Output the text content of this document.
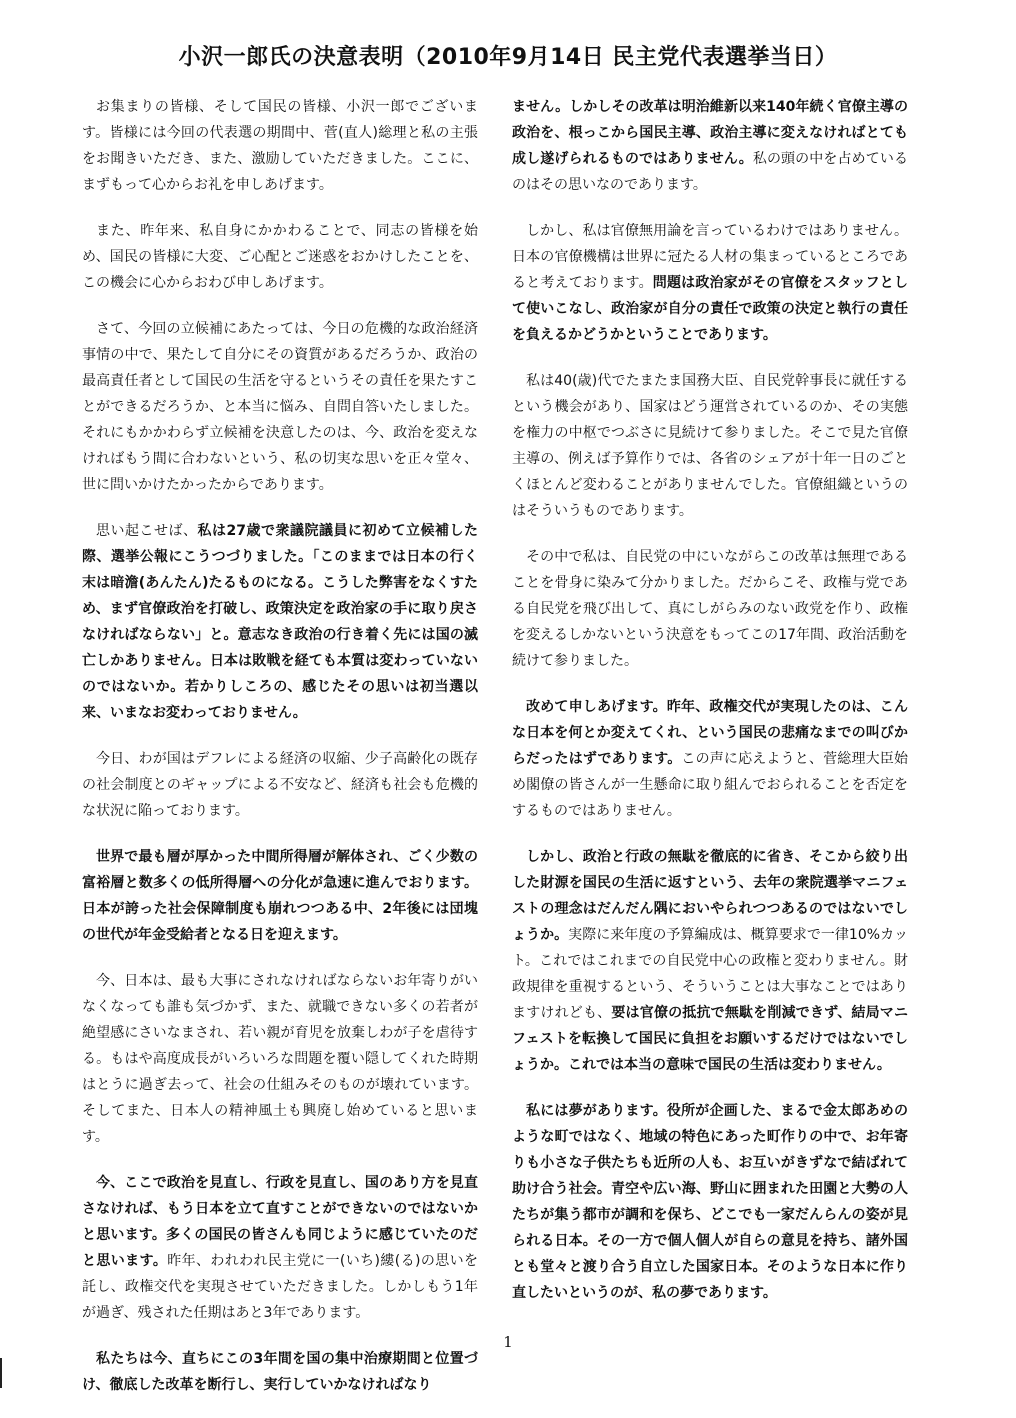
小沢一郎氏の決意表明（2010年9月14日 民主党代表選挙当日）

お集まりの皆様、そして国民の皆様、小沢一郎でございます。皆様には今回の代表選の期間中、菅(直人)総理と私の主張をお聞きいただき、また、激励していただきました。ここに、まずもって心からお礼を申しあげます。

また、昨年来、私自身にかかわることで、同志の皆様を始め、国民の皆様に大変、ご心配とご迷惑をおかけしたことを、この機会に心からおわび申しあげます。

さて、今回の立候補にあたっては、今日の危機的な政治経済事情の中で、果たして自分にその資質があるだろうか、政治の最高責任者として国民の生活を守るというその責任を果たすことができるだろうか、と本当に悩み、自問自答いたしました。それにもかかわらず立候補を決意したのは、今、政治を変えなければもう間に合わないという、私の切実な思いを正々堂々、世に問いかけたかったからであります。

思い起こせば、私は27歳で衆議院議員に初めて立候補した際、選挙公報にこうつづりました。「このままでは日本の行く末は暗澹(あんたん)たるものになる。こうした弊害をなくすため、まず官僚政治を打破し、政策決定を政治家の手に取り戻さなければならない」と。意志なき政治の行き着く先には国の滅亡しかありません。日本は敗戦を経ても本質は変わっていないのではないか。若かりしころの、感じたその思いは初当選以来、いまなお変わっておりません。

今日、わが国はデフレによる経済の収縮、少子高齢化の既存の社会制度とのギャップによる不安など、経済も社会も危機的な状況に陥っております。

世界で最も層が厚かった中間所得層が解体され、ごく少数の富裕層と数多くの低所得層への分化が急速に進んでおります。日本が誇った社会保障制度も崩れつつある中、2年後には団塊の世代が年金受給者となる日を迎えます。

今、日本は、最も大事にされなければならないお年寄りがいなくなっても誰も気づかず、また、就職できない多くの若者が絶望感にさいなまされ、若い親が育児を放棄しわが子を虐待する。もはや高度成長がいろいろな問題を覆い隠してくれた時期はとうに過ぎ去って、社会の仕組みそのものが壊れています。そしてまた、日本人の精神風土も興廃し始めていると思います。

今、ここで政治を見直し、行政を見直し、国のあり方を見直さなければ、もう日本を立て直すことができないのではないかと思います。多くの国民の皆さんも同じように感じていたのだと思います。昨年、われわれ民主党に一(いち)縷(る)の思いを託し、政権交代を実現させていただきました。しかしもう1年が過ぎ、残された任期はあと3年であります。

私たちは今、直ちにこの3年間を国の集中治療期間と位置づけ、徹底した改革を断行し、実行していかなければなり

ません。しかしその改革は明治維新以来140年続く官僚主導の政治を、根っこから国民主導、政治主導に変えなければとても成し遂げられるものではありません。私の頭の中を占めているのはその思いなのであります。

しかし、私は官僚無用論を言っているわけではありません。日本の官僚機構は世界に冠たる人材の集まっているところであると考えております。問題は政治家がその官僚をスタッフとして使いこなし、政治家が自分の責任で政策の決定と執行の責任を負えるかどうかということであります。

私は40(歳)代でたまたま国務大臣、自民党幹事長に就任するという機会があり、国家はどう運営されているのか、その実態を権力の中枢でつぶさに見続けて参りました。そこで見た官僚主導の、例えば予算作りでは、各省のシェアが十年一日のごとくほとんど変わることがありませんでした。官僚組織というのはそういうものであります。

その中で私は、自民党の中にいながらこの改革は無理であることを骨身に染みて分かりました。だからこそ、政権与党である自民党を飛び出して、真にしがらみのない政党を作り、政権を変えるしかないという決意をもってこの17年間、政治活動を続けて参りました。

改めて申しあげます。昨年、政権交代が実現したのは、こんな日本を何とか変えてくれ、という国民の悲痛なまでの叫びからだったはずであります。この声に応えようと、菅総理大臣始め閣僚の皆さんが一生懸命に取り組んでおられることを否定をするものではありません。

しかし、政治と行政の無駄を徹底的に省き、そこから絞り出した財源を国民の生活に返すという、去年の衆院選挙マニフェストの理念はだんだん隅においやられつつあるのではないでしょうか。実際に来年度の予算編成は、概算要求で一律10%カット。これではこれまでの自民党中心の政権と変わりません。財政規律を重視するという、そういうことは大事なことではありますけれども、要は官僚の抵抗で無駄を削減できず、結局マニフェストを転換して国民に負担をお願いするだけではないでしょうか。これでは本当の意味で国民の生活は変わりません。

私には夢があります。役所が企画した、まるで金太郎あめのような町ではなく、地域の特色にあった町作りの中で、お年寄りも小さな子供たちも近所の人も、お互いがきずなで結ばれて助け合う社会。青空や広い海、野山に囲まれた田園と大勢の人たちが集う都市が調和を保ち、どこでも一家だんらんの姿が見られる日本。その一方で個人個人が自らの意見を持ち、諸外国とも堂々と渡り合う自立した国家日本。そのような日本に作り直したいというのが、私の夢であります。

1
